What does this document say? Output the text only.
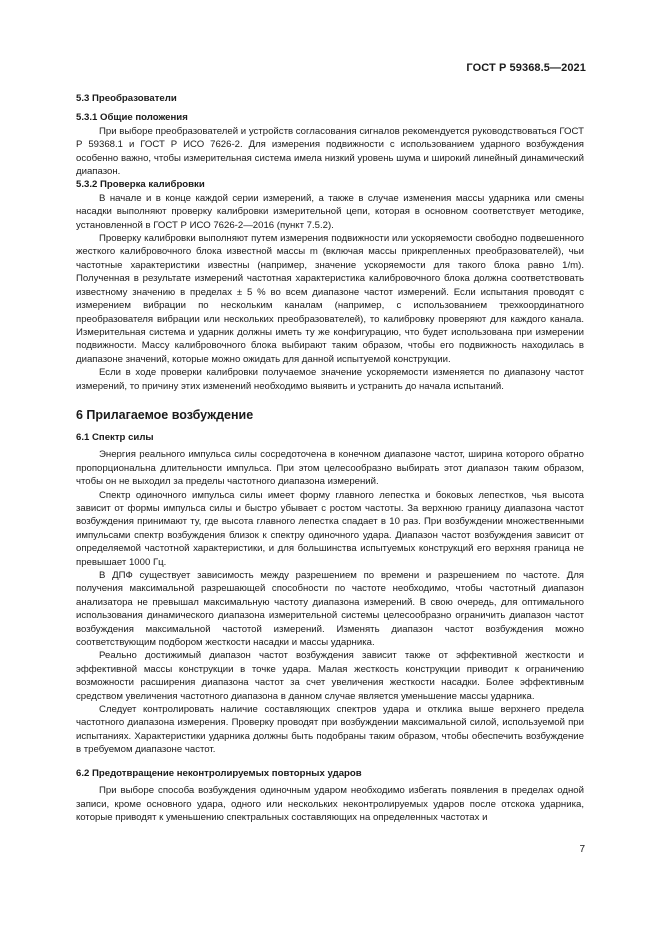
ГОСТ Р 59368.5—2021
5.3 Преобразователи
5.3.1 Общие положения

При выборе преобразователей и устройств согласования сигналов рекомендуется руководствоваться ГОСТ Р 59368.1 и ГОСТ Р ИСО 7626-2. Для измерения подвижности с использованием ударного возбуждения особенно важно, чтобы измерительная система имела низкий уровень шума и широкий линейный динамический диапазон.

5.3.2 Проверка калибровки

В начале и в конце каждой серии измерений, а также в случае изменения массы ударника или смены насадки выполняют проверку калибровки измерительной цепи, которая в основном соответствует методике, установленной в ГОСТ Р ИСО 7626-2—2016 (пункт 7.5.2).

Проверку калибровки выполняют путем измерения подвижности или ускоряемости свободно подвешенного жесткого калибровочного блока известной массы m (включая массы прикрепленных преобразователей), чьи частотные характеристики известны (например, значение ускоряемости для такого блока равно 1/m). Полученная в результате измерений частотная характеристика калибровочного блока должна соответствовать известному значению в пределах ± 5 % во всем диапазоне частот измерений. Если испытания проводят с измерением вибрации по нескольким каналам (например, с использованием трехкоординатного преобразователя вибрации или нескольких преобразователей), то калибровку проверяют для каждого канала. Измерительная система и ударник должны иметь ту же конфигурацию, что будет использована при измерении подвижности. Массу калибровочного блока выбирают таким образом, чтобы его подвижность находилась в диапазоне значений, которые можно ожидать для данной испытуемой конструкции.

Если в ходе проверки калибровки получаемое значение ускоряемости изменяется по диапазону частот измерений, то причину этих изменений необходимо выявить и устранить до начала испытаний.

6 Прилагаемое возбуждение
6.1 Спектр силы

Энергия реального импульса силы сосредоточена в конечном диапазоне частот, ширина которого обратно пропорциональна длительности импульса. При этом целесообразно выбирать этот диапазон таким образом, чтобы он не выходил за пределы частотного диапазона измерений.

Спектр одиночного импульса силы имеет форму главного лепестка и боковых лепестков, чья высота зависит от формы импульса силы и быстро убывает с ростом частоты. За верхнюю границу диапазона частот возбуждения принимают ту, где высота главного лепестка спадает в 10 раз. При возбуждении множественными импульсами спектр возбуждения близок к спектру одиночного удара. Диапазон частот возбуждения зависит от определяемой частотной характеристики, и для большинства испытуемых конструкций его верхняя граница не превышает 1000 Гц.

В ДПФ существует зависимость между разрешением по времени и разрешением по частоте. Для получения максимальной разрешающей способности по частоте необходимо, чтобы частотный диапазон анализатора не превышал максимальную частоту диапазона измерений. В свою очередь, для оптимального использования динамического диапазона измерительной системы целесообразно ограничить диапазон частот возбуждения максимальной частотой измерений. Изменять диапазон частот возбуждения можно соответствующим подбором жесткости насадки и массы ударника.

Реально достижимый диапазон частот возбуждения зависит также от эффективной жесткости и эффективной массы конструкции в точке удара. Малая жесткость конструкции приводит к ограничению возможности расширения диапазона частот за счет увеличения жесткости насадки. Более эффективным средством увеличения частотного диапазона в данном случае является уменьшение массы ударника.

Следует контролировать наличие составляющих спектров удара и отклика выше верхнего предела частотного диапазона измерения. Проверку проводят при возбуждении максимальной силой, используемой при испытаниях. Характеристики ударника должны быть подобраны таким образом, чтобы обеспечить возбуждение в требуемом диапазоне частот.

6.2 Предотвращение неконтролируемых повторных ударов

При выборе способа возбуждения одиночным ударом необходимо избегать появления в пределах одной записи, кроме основного удара, одного или нескольких неконтролируемых ударов после отскока ударника, которые приводят к уменьшению спектральных составляющих на определенных частотах и

7
